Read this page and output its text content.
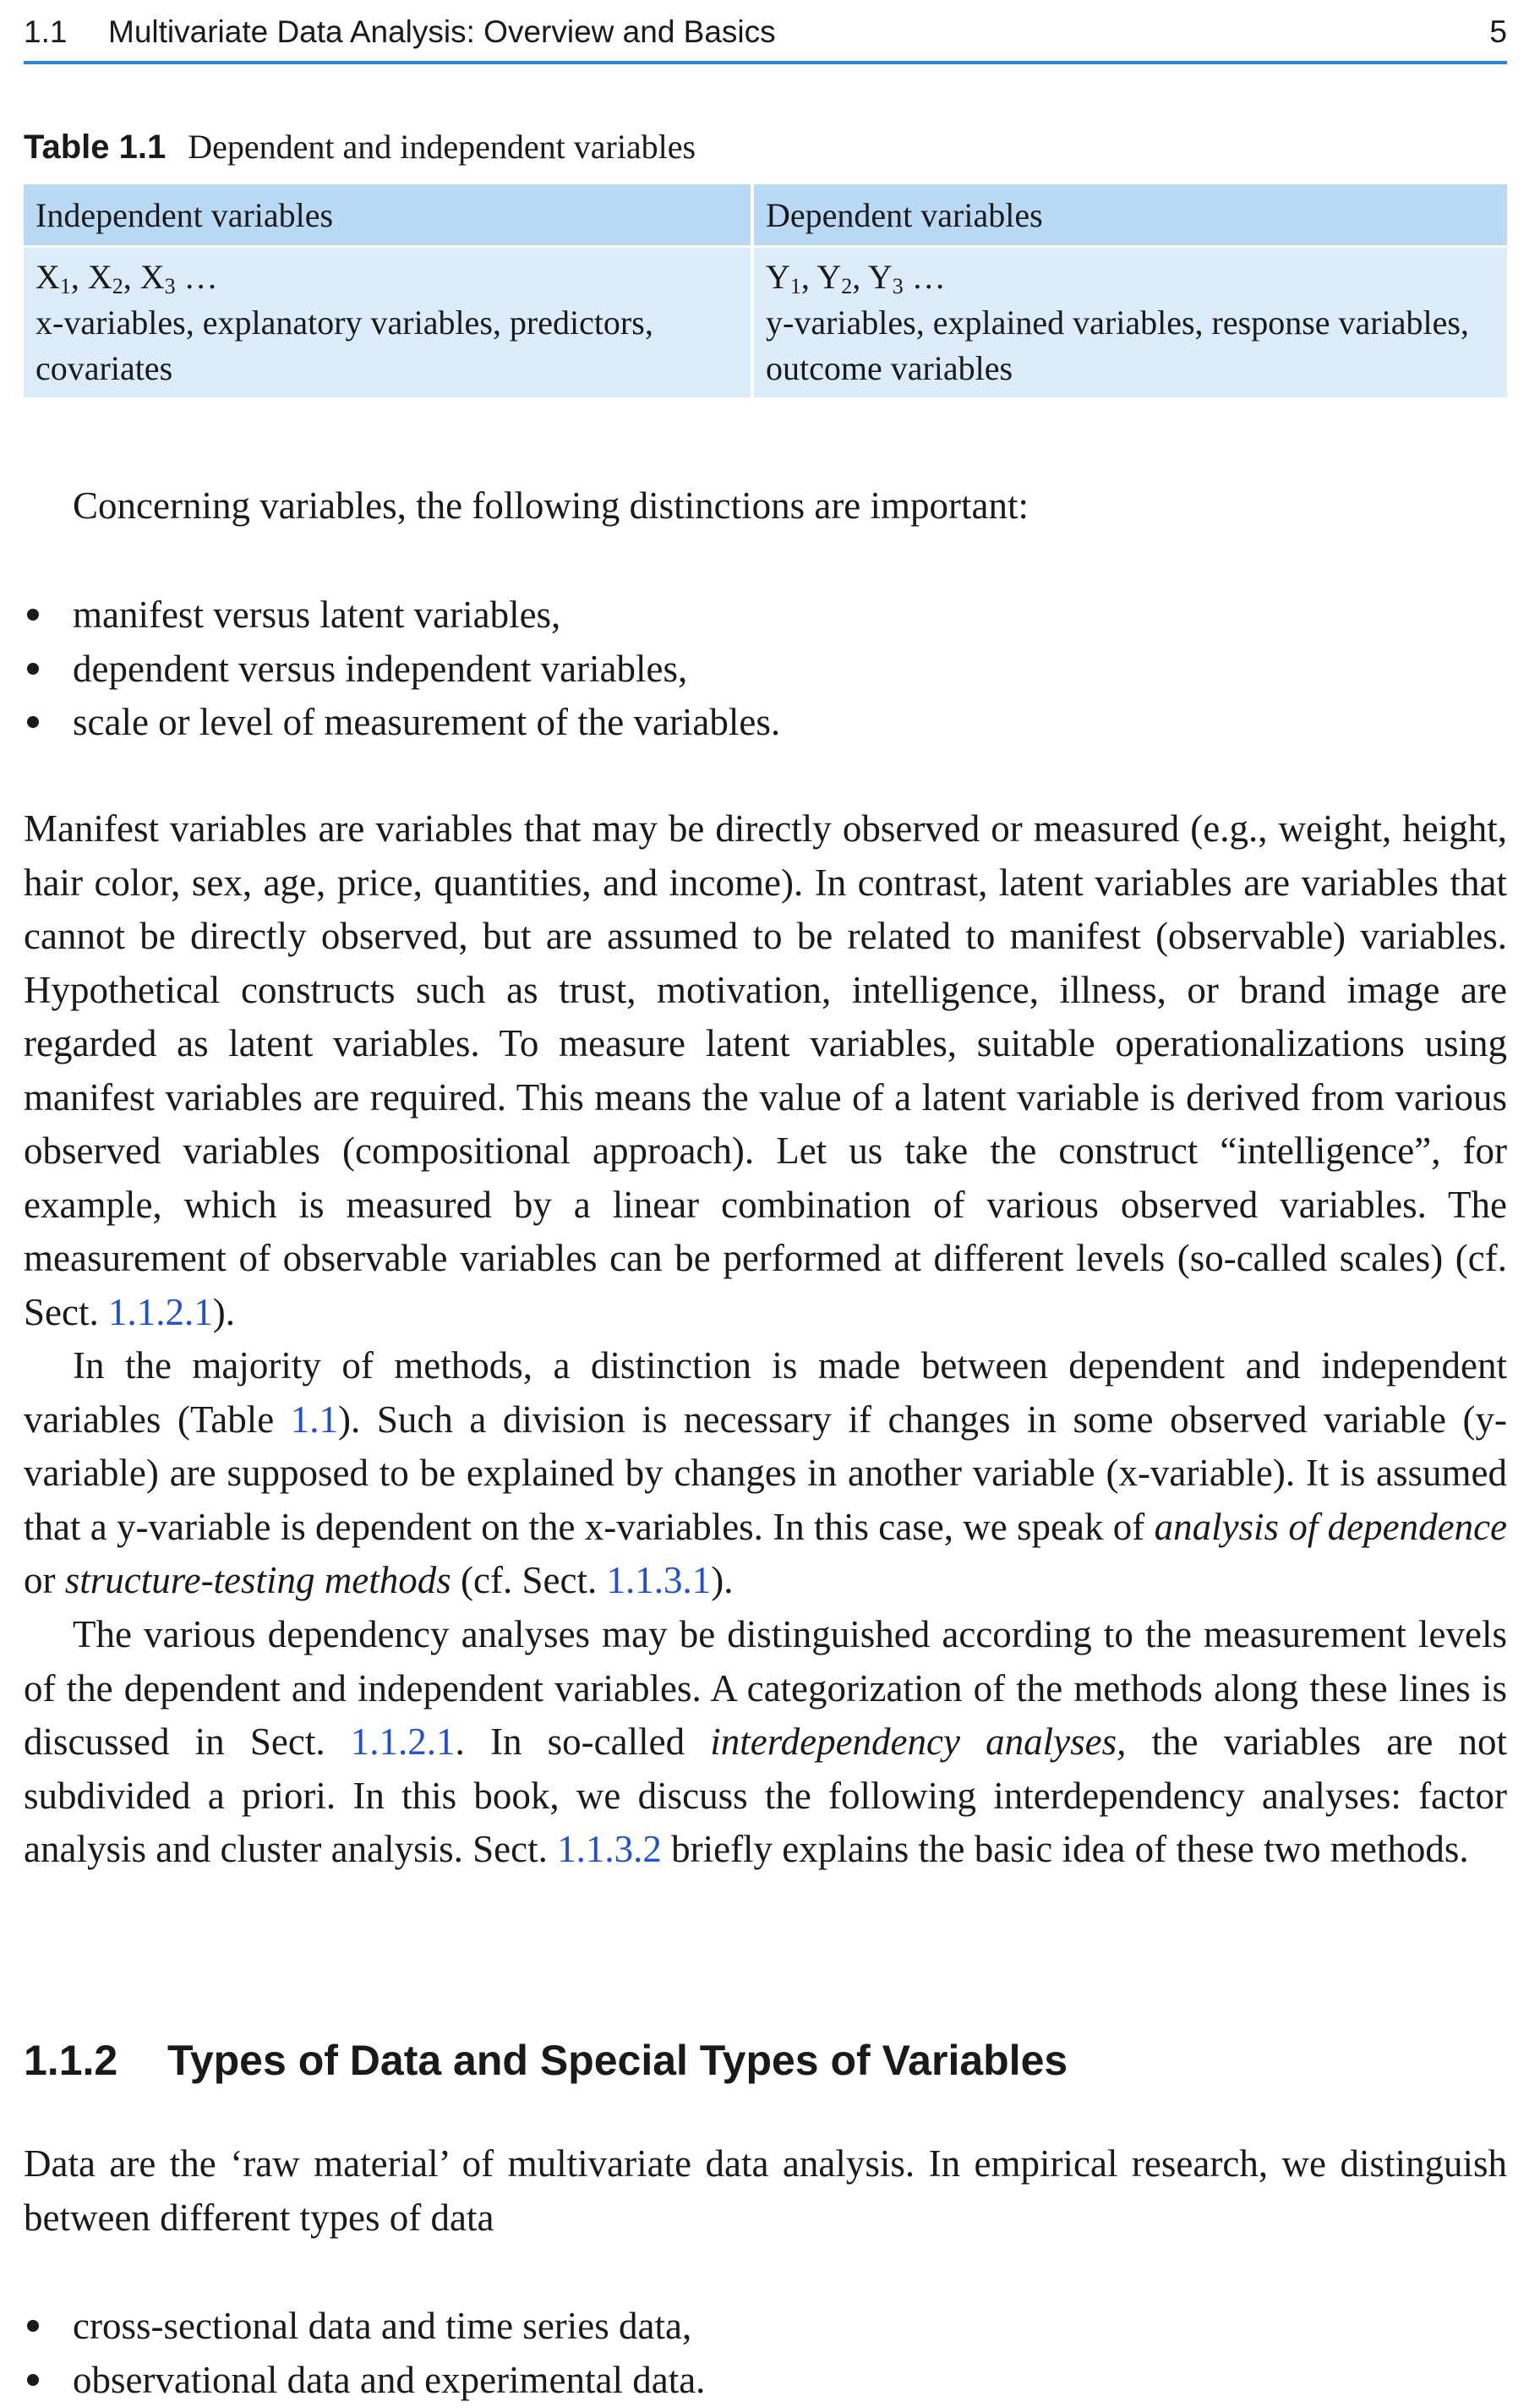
1.1 Multivariate Data Analysis: Overview and Basics	5
Table 1.1 Dependent and independent variables
Independent variables	Dependent variables
$X_1$, $X_2$, $X_3$ …
x-variables, explanatory variables, predictors, covariates
$Y_1$, $Y_2$, $Y_3$ …
y-variables, explained variables, response variables, outcome variables

Concerning variables, the following distinctions are important:

manifest versus latent variables,
dependent versus independent variables,
scale or level of measurement of the variables.

Manifest variables are variables that may be directly observed or measured (e.g., weight, height, hair color, sex, age, price, quantities, and income). In contrast, latent variables are variables that cannot be directly observed, but are assumed to be related to manifest (observable) variables. Hypothetical constructs such as trust, motivation, intelligence, illness, or brand image are regarded as latent variables. To measure latent variables, suitable operationalizations using manifest variables are required. This means the value of a latent variable is derived from various observed variables (compositional approach). Let us take the construct “intelligence”, for example, which is measured by a linear combination of various observed variables. The measurement of observable variables can be performed at different levels (so-called scales) (cf. Sect. 1.1.2.1).

In the majority of methods, a distinction is made between dependent and independent variables (Table 1.1). Such a division is necessary if changes in some observed variable (y-variable) are supposed to be explained by changes in another variable (x-variable). It is assumed that a y-variable is dependent on the x-variables. In this case, we speak of analysis of dependence or structure-testing methods (cf. Sect. 1.1.3.1).

The various dependency analyses may be distinguished according to the measurement levels of the dependent and independent variables. A categorization of the methods along these lines is discussed in Sect. 1.1.2.1. In so-called interdependency analyses, the variables are not subdivided a priori. In this book, we discuss the following interdependency analyses: factor analysis and cluster analysis. Sect. 1.1.3.2 briefly explains the basic idea of these two methods.

1.1.2 Types of Data and Special Types of Variables

Data are the ‘raw material’ of multivariate data analysis. In empirical research, we distinguish between different types of data

cross-sectional data and time series data,
observational data and experimental data.
